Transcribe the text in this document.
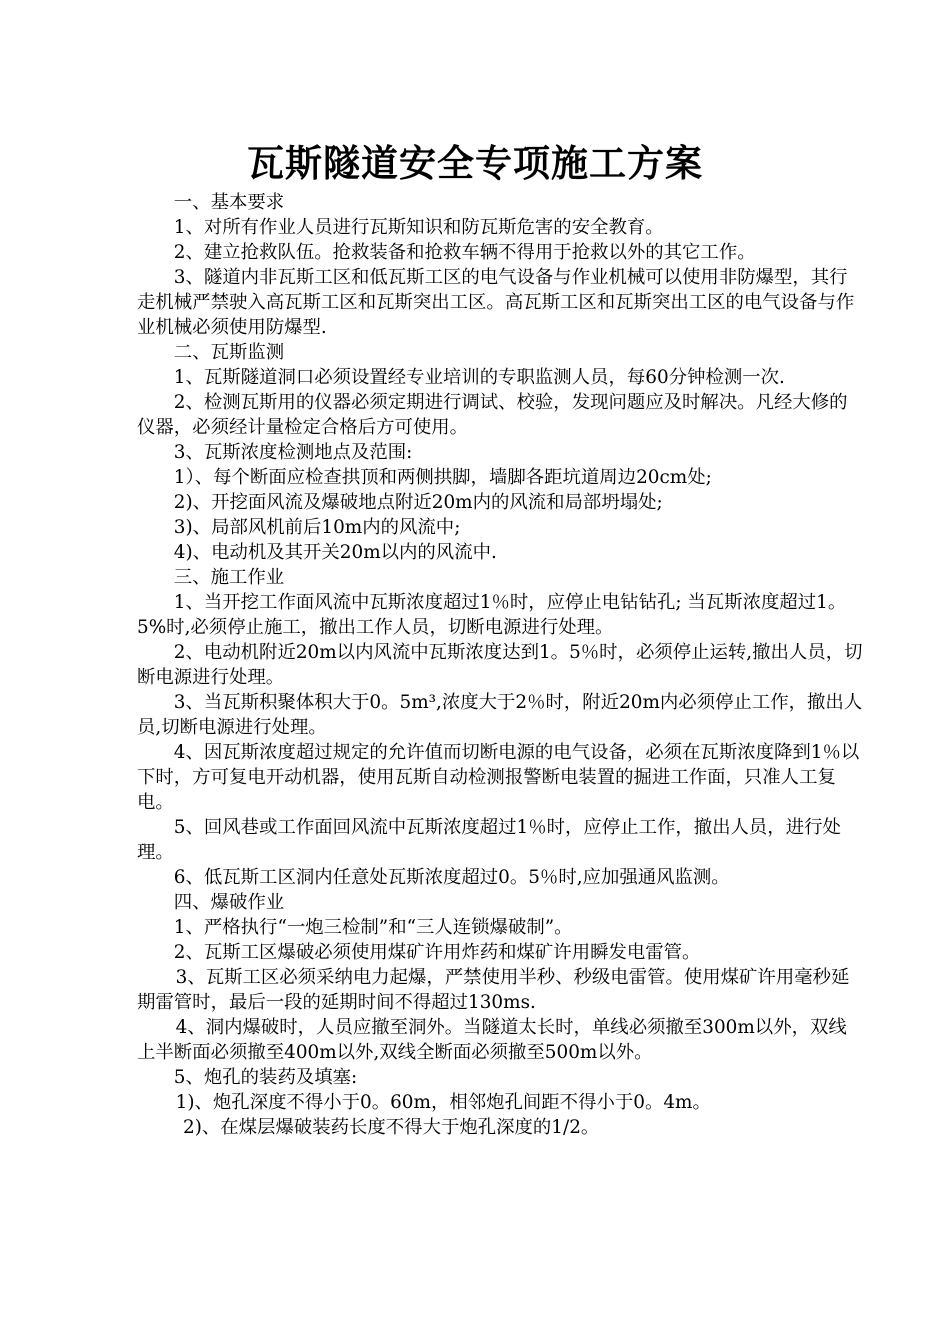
瓦斯隧道安全专项施工方案

一、基本要求

1、对所有作业人员进行瓦斯知识和防瓦斯危害的安全教育。

2、建立抢救队伍。抢救装备和抢救车辆不得用于抢救以外的其它工作。

3、隧道内非瓦斯工区和低瓦斯工区的电气设备与作业机械可以使用非防爆型，其行走机械严禁驶入高瓦斯工区和瓦斯突出工区。高瓦斯工区和瓦斯突出工区的电气设备与作业机械必须使用防爆型.

二、瓦斯监测

1、瓦斯隧道洞口必须设置经专业培训的专职监测人员，每60分钟检测一次.

2、检测瓦斯用的仪器必须定期进行调试、校验，发现问题应及时解决。凡经大修的仪器，必须经计量检定合格后方可使用。

3、瓦斯浓度检测地点及范围:

1）、每个断面应检查拱顶和两侧拱脚，墙脚各距坑道周边20cm处;

2)、开挖面风流及爆破地点附近20m内的风流和局部坍塌处;

3)、局部风机前后10m内的风流中;

4)、电动机及其开关20m以内的风流中.

三、施工作业

1、当开挖工作面风流中瓦斯浓度超过1％时，应停止电钻钻孔; 当瓦斯浓度超过1。5%时,必须停止施工，撤出工作人员，切断电源进行处理。

2、电动机附近20m以内风流中瓦斯浓度达到1。5％时，必须停止运转,撤出人员，切断电源进行处理。

3、当瓦斯积聚体积大于0。5m³,浓度大于2％时，附近20m内必须停止工作，撤出人员,切断电源进行处理。

4、因瓦斯浓度超过规定的允许值而切断电源的电气设备，必须在瓦斯浓度降到1％以下时，方可复电开动机器，使用瓦斯自动检测报警断电装置的掘进工作面，只准人工复电。

5、回风巷或工作面回风流中瓦斯浓度超过1％时，应停止工作，撤出人员，进行处理。

6、低瓦斯工区洞内任意处瓦斯浓度超过0。5％时,应加强通风监测。

四、爆破作业

1、严格执行“一炮三检制”和“三人连锁爆破制”。

2、瓦斯工区爆破必须使用煤矿许用炸药和煤矿许用瞬发电雷管。

3、瓦斯工区必须采纳电力起爆，严禁使用半秒、秒级电雷管。使用煤矿许用毫秒延期雷管时，最后一段的延期时间不得超过130ms.

4、洞内爆破时，人员应撤至洞外。当隧道太长时，单线必须撤至300m以外，双线上半断面必须撤至400m以外,双线全断面必须撤至500m以外。

5、炮孔的装药及填塞:

1)、炮孔深度不得小于0。60m，相邻炮孔间距不得小于0。4m。

2)、在煤层爆破装药长度不得大于炮孔深度的1/2。
